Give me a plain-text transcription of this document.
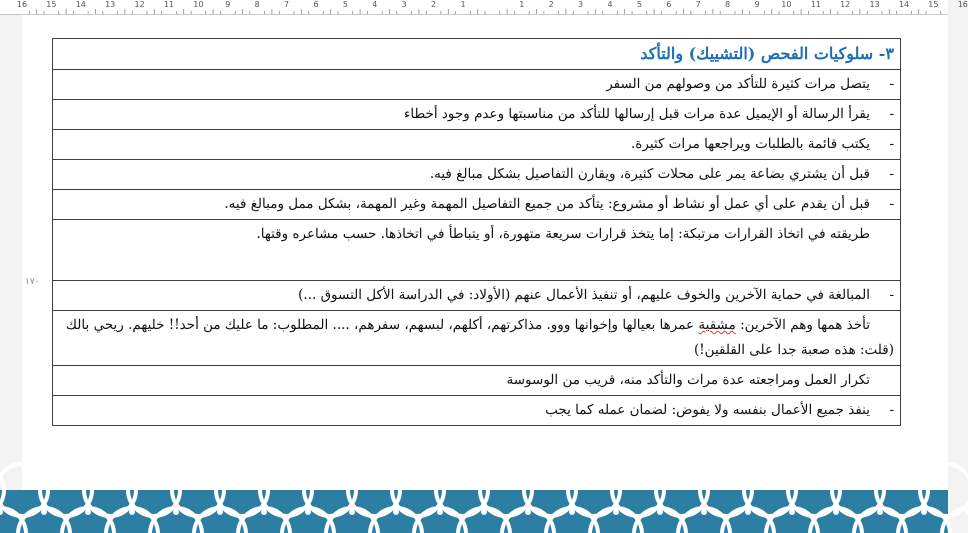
16 15 14 13 12 11 10	9	8	7	6	5	4	3	2	1	1	2	3	4	5	6	7	8	9	10 11 12 13 14 15 16
١٧٠
٣- سلوكيات الفحص (التشييك) والتأكد
-يتصل مرات كثيرة للتأكد من وصولهم من السفر
-يقرأ الرسالة أو الإيميل عدة مرات قبل إرسالها للتأكد من مناسبتها وعدم وجود أخطاء
-يكتب قائمة بالطلبات ويراجعها مرات كثيرة.
-قبل أن يشتري بضاعة يمر على محلات كثيرة، ويقارن التفاصيل بشكل مبالغ فيه.
-قبل أن يقدم على أي عمل أو نشاط أو مشروع: يتأكد من جميع التفاصيل المهمة وغير المهمة، بشكل ممل ومبالغ فيه.
طريقته في اتخاذ القرارات مرتبكة: إما يتخذ قرارات سريعة متهورة، أو يتباطأ في اتخاذها. حسب مشاعره وقتها.
-المبالغة في حماية الآخرين والخوف عليهم، أو تنفيذ الأعمال عنهم (الأولاد: في الدراسة الأكل التسوق ...)
تأخذ همها وهم الآخرين: مشقية عمرها بعيالها وإخوانها ووو. مذاكرتهم، أكلهم، لبسهم، سفرهم، .... المطلوب: ما عليك من أحد!! خليهم. ريحي بالك (قلت: هذه صعبة جدا على القلقين!)
تكرار العمل ومراجعته عدة مرات والتأكد منه، قريب من الوسوسة
-ينفذ جميع الأعمال بنفسه ولا يفوض: لضمان عمله كما يجب
